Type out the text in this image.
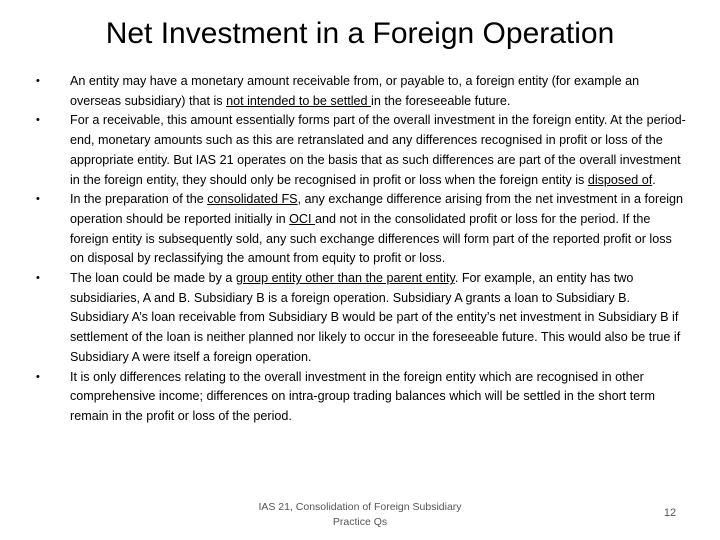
Net Investment in a Foreign Operation
• An entity may have a monetary amount receivable from, or payable to, a foreign entity (for example an overseas subsidiary) that is not intended to be settled in the foreseeable future.
• For a receivable, this amount essentially forms part of the overall investment in the foreign entity. At the period-end, monetary amounts such as this are retranslated and any differences recognised in profit or loss of the appropriate entity. But IAS 21 operates on the basis that as such differences are part of the overall investment in the foreign entity, they should only be recognised in profit or loss when the foreign entity is disposed of.
• In the preparation of the consolidated FS, any exchange difference arising from the net investment in a foreign operation should be reported initially in OCI and not in the consolidated profit or loss for the period. If the foreign entity is subsequently sold, any such exchange differences will form part of the reported profit or loss on disposal by reclassifying the amount from equity to profit or loss.
• The loan could be made by a group entity other than the parent entity. For example, an entity has two subsidiaries, A and B. Subsidiary B is a foreign operation. Subsidiary A grants a loan to Subsidiary B. Subsidiary A’s loan receivable from Subsidiary B would be part of the entity’s net investment in Subsidiary B if settlement of the loan is neither planned nor likely to occur in the foreseeable future. This would also be true if Subsidiary A were itself a foreign operation.
• It is only differences relating to the overall investment in the foreign entity which are recognised in other comprehensive income; differences on intra-group trading balances which will be settled in the short term remain in the profit or loss of the period.
IAS 21, Consolidation of Foreign Subsidiary Practice Qs
12
